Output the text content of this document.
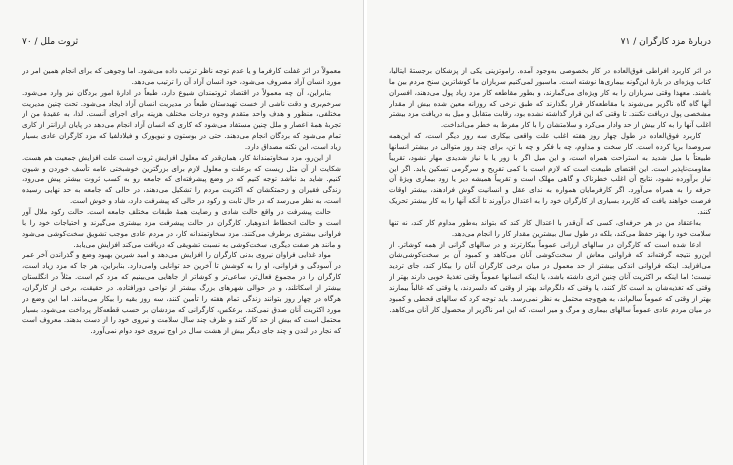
۷۰ / ثروت ملل

معمولاً در اثر غفلت کارفرما و یا عدم توجه ناظر ترتیب داده می‌شود. اما وجوهی که برای انجام همین امر در مورد انسان آزاد مصروف می‌شود، خود انسان آزاد آن را ترتیب می‌دهد.

بنابراین، آن چه معمولاً در اقتصاد ثروتمندان شیوع دارد، طبعاً در ادارهٔ امور بردگان نیز وارد می‌شود. سرخم‌بری و دقت ناشی از خست تهیدستان طبعاً در مدیریت انسان آزاد ایجاد می‌شود. تحت چنین مدیریت مختلفی، منظور و هدف واحد متقدم وجوه درجات مختلف هزینه برای اجرای آنست. لذا، به عقیدهٔ من از تجربهٔ همهٔ اعصار و ملل چنین مستفاد می‌شود که کاری که انسان آزاد انجام می‌دهد در پایان ارزانتر از کاری تمام می‌شود که بردگان انجام می‌دهند. حتی در بوستون و نیویورک و فیلادلفیا که مزد کارگران عادی بسیار زیاد است، این نکته مصداق دارد.

از این‌رو، مزد سخاوتمندانهٔ کار، همان‌قدر که معلول افزایش ثروت است علت افزایش جمعیت هم هست. شکایت از آن مثل زیست که برعلت و معلول لازم برای بزرگترین خوشبختی عامه تأسف خوردن و شیون کنیم. شاید بد نباشد توجه کنیم که در وضع پیشرفته‌ای که جامعه رو به کسب ثروت بیشتر پیش می‌رود، زندگی فقیران و زحمتکشان که اکثریت مردم را تشکیل می‌دهند، در حالی که جامعه به حد نهایی رسیده است، به نظر می‌رسد که در حال ثابت و رکود در حالی که پیشرفت دارد، شاد و خوش است.

حالت پیشرفت در واقع حالت شادی و رضایت همهٔ طبقات مختلف جامعه است. حالت رکود ملال آور است و حالت انحطاط اندوهبار. کارگران در حالت پیشرفت مزد بیشتری می‌گیرند و احتیاجات خود را با فراوانی بیشتری برطرف می‌کنند. مزد سخاوتمندانه کار، در مردم عادی موجب تشویق سخت‌کوشی می‌شود و مانند هر صفت دیگری، سخت‌کوشی به نسبت تشویقی که دریافت می‌کند افزایش می‌یابد.

مواد غذایی فراوان نیروی بدنی کارگران را افزایش می‌دهد و امید شیرین بهبود وضع و گذراندن آخر عمر در آسودگی و فراوانی، او را به کوشش تا آخرین حد توانایی وامی‌دارد. بنابراین، هر جا که مزد زیاد است، کارگران را در مجموع فعال‌تر، ساعی‌تر و کوشاتر از جاهایی می‌بینیم که مزد کم است. مثلاً در انگلستان بیشتر از اسکاتلند، و در حوالی شهرهای بزرگ بیشتر از نواحی دورافتاده. در حقیقت، برخی از کارگران، هرگاه در چهار روز بتوانند زندگی تمام هفته را تأمین کنند، سه روز بقیه را بیکار می‌مانند. اما این وضع در مورد اکثریت آنان صدق نمی‌کند. برعکس، کارگرانی که مزدشان بر حسب قطعه‌کار پرداخت می‌شود، بسیار محتمل است که بیش از حد کار کنند و ظرف چند سال سلامت و نیروی خود را از دست بدهند. معروف است که نجار در لندن و چند جای دیگر بیش از هشت سال در اوج نیروی خود دوام نمی‌آورد.

دربارهٔ مزد کارگران / ۷۱

در اثر کاربرد افراطی فوق‌العاده در کار بخصوصی به‌وجود آمده. راموتزینی یکی از پزشکان برجستهٔ ایتالیا، کتاب ویژه‌ای در بارهٔ این‌گونه بیماری‌ها نوشته است. ماسبور لمی‌کنیم سربازان ما کوشاترین سنخ مردم بین ما باشند. معهذا وقتی سربازان را به کار ویژه‌ای می‌گمارند، و بطور مقاطعه کار مزد زیاد پول می‌دهند، افسران آنها گاه گاه ناگزیر می‌شوند با مقاطعه‌کار قرار بگذارند که طبق نرخی که روزانه معین شده بیش از مقدار مشخصی پول دریافت نکنند. تا وقتی که این قرار گذاشته نشده بود، رقابت متقابل و میل به دریافت مزد بیشتر اغلب آنها را به کار بیش از حد وادار می‌کرد و سلامتشان را با کار مفرط به خطر می‌انداخت.

کاربرد فوق‌العاده در طول چهار روز هفته اغلب علت واقعی بیکاری سه روز دیگر است، که این‌همه سروصدا برپا کرده است. کار سخت و مداوم، چه با فکر و چه با تن، برای چند روز متوالی در بیشتر انسانها طبیعتاً با میل شدید به استراحت همراه است، و این میل اگر با زور یا با نیاز شدیدی مهار نشود، تقریباً مقاومت‌ناپذیر است. این اقتضای طبیعت است که لازم است با کمی تفریح و سرگرمی تسکین یابد. اگر این نیاز برآورده نشود، نتایج آن اغلب خطرناک و گاهی مهلک است و تقریباً همیشه دیر یا زود بیماری ویژهٔ آن حرفه را به همراه می‌آورد. اگر کارفرمایان همواره به ندای عقل و انسانیت گوش فرادهند، بیشتر اوقات فرصت خواهند یافت که کاربرد بسیاری از کارگران خود را به اعتدال درآورند تا آنکه آنها را به کار بیشتر تحریک کنند.

به‌اعتقاد من در هر حرفه‌ای، کسی که آن‌قدر با اعتدال کار کند که بتواند به‌طور مداوم کار کند، نه تنها سلامت خود را بهتر حفظ می‌کند، بلکه در طول سال بیشترین مقدار کار را انجام می‌دهد.

ادعا شده است که کارگران در سالهای ارزانی عموماً بیکارترند و در سالهای گرانی از همه کوشاتر. از این‌رو نتیجه گرفته‌اند که فراوانی معاش از سخت‌کوشی آنان می‌کاهد و کمبود آن بر سخت‌کوشی‌شان می‌افزاید. اینکه فراوانی اندکی بیشتر از حد معمول در میان برخی کارگران آنان را بیکار کند، جای تردید نیست؛ اما اینکه بر اکثریت آنان چنین اثری داشته باشد، یا اینکه انسانها عموماً وقتی تغذیهٔ خوبی دارند بهتر از وقتی که تغذیه‌شان بد است کار کنند، یا وقتی که دلگرم‌اند بهتر از وقتی که دلسردند، یا وقتی که غالباً بیمارند بهتر از وقتی که عموماً سالم‌اند، به هیچ‌وجه محتمل به نظر نمی‌رسد. باید توجه کرد که سالهای قحطی و کمبود در میان مردم عادی عموماً سالهای بیماری و مرگ و میر است، که این امر ناگزیر از محصول کار آنان می‌کاهد.
